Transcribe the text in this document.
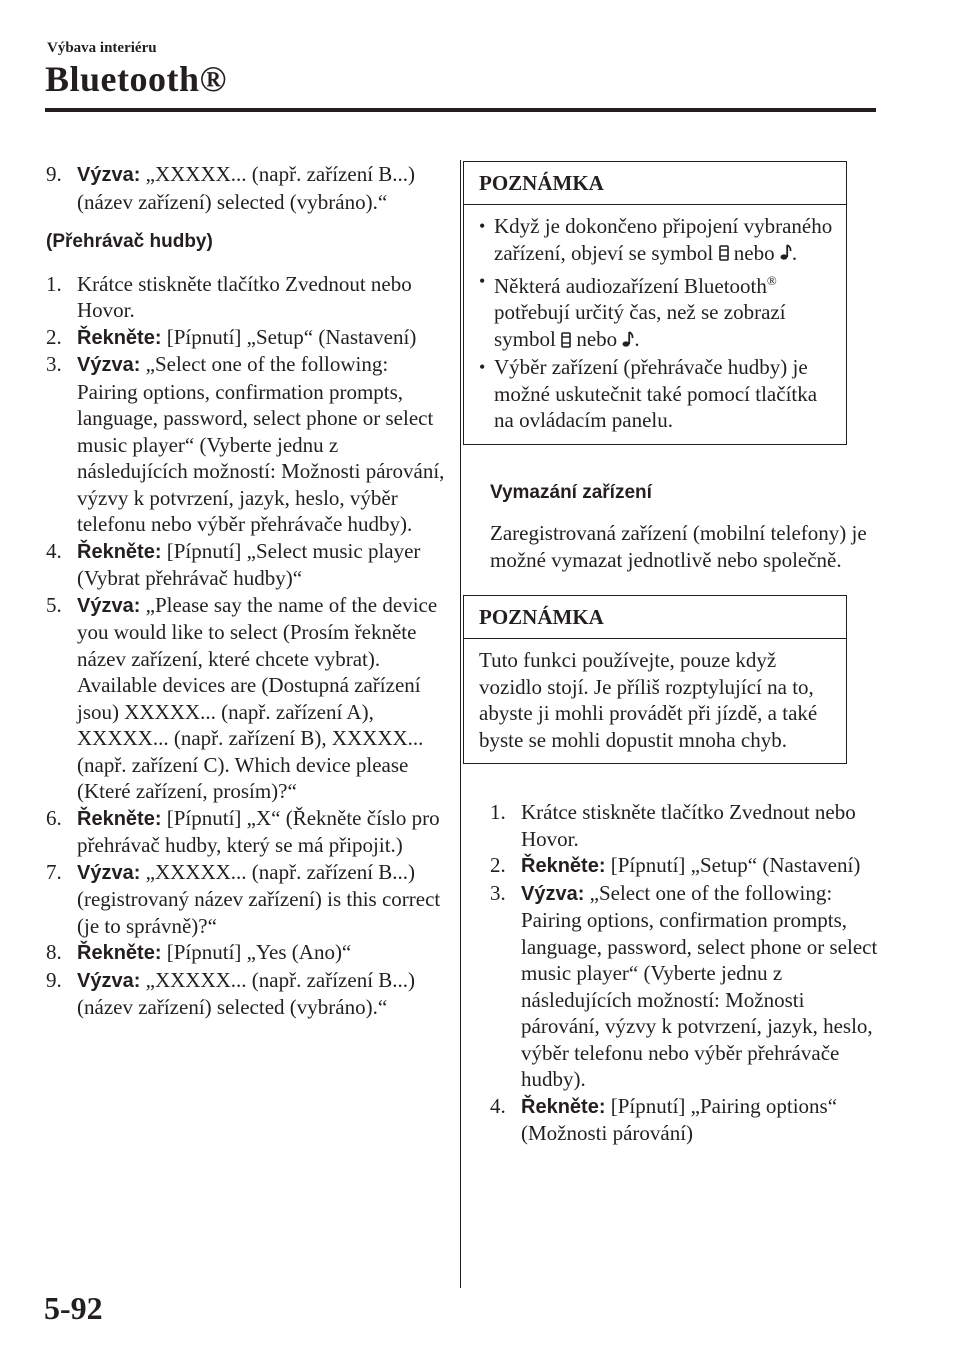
Výbava interiéru
Bluetooth®
9. Výzva: „XXXXX... (např. zařízení B...) (název zařízení) selected (vybráno).“
(Přehrávač hudby)
1. Krátce stiskněte tlačítko Zvednout nebo Hovor.
2. Řekněte: [Pípnutí] „Setup“ (Nastavení)
3. Výzva: „Select one of the following: Pairing options, confirmation prompts, language, password, select phone or select music player“ (Vyberte jednu z následujících možností: Možnosti párování, výzvy k potvrzení, jazyk, heslo, výběr telefonu nebo výběr přehrávače hudby).
4. Řekněte: [Pípnutí] „Select music player (Vybrat přehrávač hudby)“
5. Výzva: „Please say the name of the device you would like to select (Prosím řekněte název zařízení, které chcete vybrat). Available devices are (Dostupná zařízení jsou) XXXXX... (např. zařízení A), XXXXX... (např. zařízení B), XXXXX... (např. zařízení C). Which device please (Které zařízení, prosím)?“
6. Řekněte: [Pípnutí] „X“ (Řekněte číslo pro přehrávač hudby, který se má připojit.)
7. Výzva: „XXXXX... (např. zařízení B...) (registrovaný název zařízení) is this correct (je to správně)?“
8. Řekněte: [Pípnutí] „Yes (Ano)“
9. Výzva: „XXXXX... (např. zařízení B...) (název zařízení) selected (vybráno).“
POZNÁMKA
• Když je dokončeno připojení vybraného zařízení, objeví se symbol  nebo .
• Některá audiozařízení Bluetooth® potřebují určitý čas, než se zobrazí symbol  nebo .
• Výběr zařízení (přehrávače hudby) je možné uskutečnit také pomocí tlačítka na ovládacím panelu.
Vymazání zařízení

Zaregistrovaná zařízení (mobilní telefony) je možné vymazat jednotlivě nebo společně.

POZNÁMKA
Tuto funkci používejte, pouze když vozidlo stojí. Je příliš rozptylující na to, abyste ji mohli provádět při jízdě, a také byste se mohli dopustit mnoha chyb.
1. Krátce stiskněte tlačítko Zvednout nebo Hovor.
2. Řekněte: [Pípnutí] „Setup“ (Nastavení)
3. Výzva: „Select one of the following: Pairing options, confirmation prompts, language, password, select phone or select music player“ (Vyberte jednu z následujících možností: Možnosti párování, výzvy k potvrzení, jazyk, heslo, výběr telefonu nebo výběr přehrávače hudby).
4. Řekněte: [Pípnutí] „Pairing options“ (Možnosti párování)
5-92
